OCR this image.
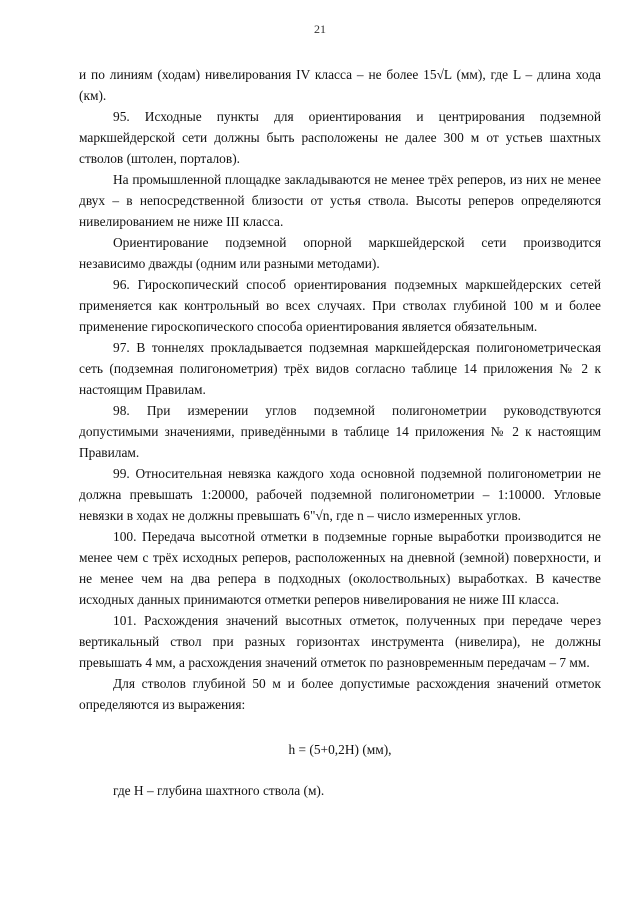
21

и по линиям (ходам) нивелирования IV класса – не более 15√L (мм), где L – длина хода (км).

95. Исходные пункты для ориентирования и центрирования подземной маркшейдерской сети должны быть расположены не далее 300 м от устьев шахтных стволов (штолен, порталов).

На промышленной площадке закладываются не менее трёх реперов, из них не менее двух – в непосредственной близости от устья ствола. Высоты реперов определяются нивелированием не ниже III класса.

Ориентирование подземной опорной маркшейдерской сети производится независимо дважды (одним или разными методами).

96. Гироскопический способ ориентирования подземных маркшейдерских сетей применяется как контрольный во всех случаях. При стволах глубиной 100 м и более применение гироскопического способа ориентирования является обязательным.

97. В тоннелях прокладывается подземная маркшейдерская полигонометрическая сеть (подземная полигонометрия) трёх видов согласно таблице 14 приложения № 2 к настоящим Правилам.

98. При измерении углов подземной полигонометрии руководствуются допустимыми значениями, приведёнными в таблице 14 приложения № 2 к настоящим Правилам.

99. Относительная невязка каждого хода основной подземной полигонометрии не должна превышать 1:20000, рабочей подземной полигонометрии – 1:10000. Угловые невязки в ходах не должны превышать 6"√n, где n – число измеренных углов.

100. Передача высотной отметки в подземные горные выработки производится не менее чем с трёх исходных реперов, расположенных на дневной (земной) поверхности, и не менее чем на два репера в подходных (околоствольных) выработках. В качестве исходных данных принимаются отметки реперов нивелирования не ниже III класса.

101. Расхождения значений высотных отметок, полученных при передаче через вертикальный ствол при разных горизонтах инструмента (нивелира), не должны превышать 4 мм, а расхождения значений отметок по разновременным передачам – 7 мм.

Для стволов глубиной 50 м и более допустимые расхождения значений отметок определяются из выражения:

h = (5+0,2H) (мм),

где H – глубина шахтного ствола (м).
